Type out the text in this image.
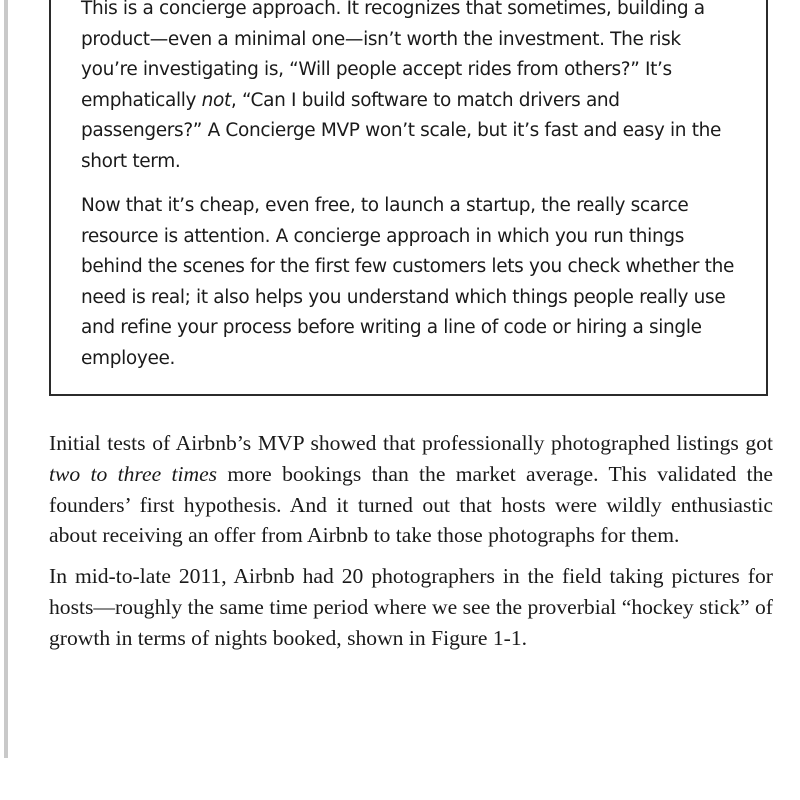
This is a concierge approach. It recognizes that sometimes, building a product—even a minimal one—isn’t worth the investment. The risk you’re investigating is, “Will people accept rides from others?” It’s emphatically not, “Can I build software to match drivers and passengers?” A Concierge MVP won’t scale, but it’s fast and easy in the short term.

Now that it’s cheap, even free, to launch a startup, the really scarce resource is attention. A concierge approach in which you run things behind the scenes for the first few customers lets you check whether the need is real; it also helps you understand which things people really use and refine your process before writing a line of code or hiring a single employee.

Initial tests of Airbnb’s MVP showed that professionally photographed listings got two to three times more bookings than the market average. This validated the founders’ first hypothesis. And it turned out that hosts were wildly enthusiastic about receiving an offer from Airbnb to take those photographs for them.

In mid-to-late 2011, Airbnb had 20 photographers in the field taking pictures for hosts—roughly the same time period where we see the proverbial “hockey stick” of growth in terms of nights booked, shown in Figure 1-1.
